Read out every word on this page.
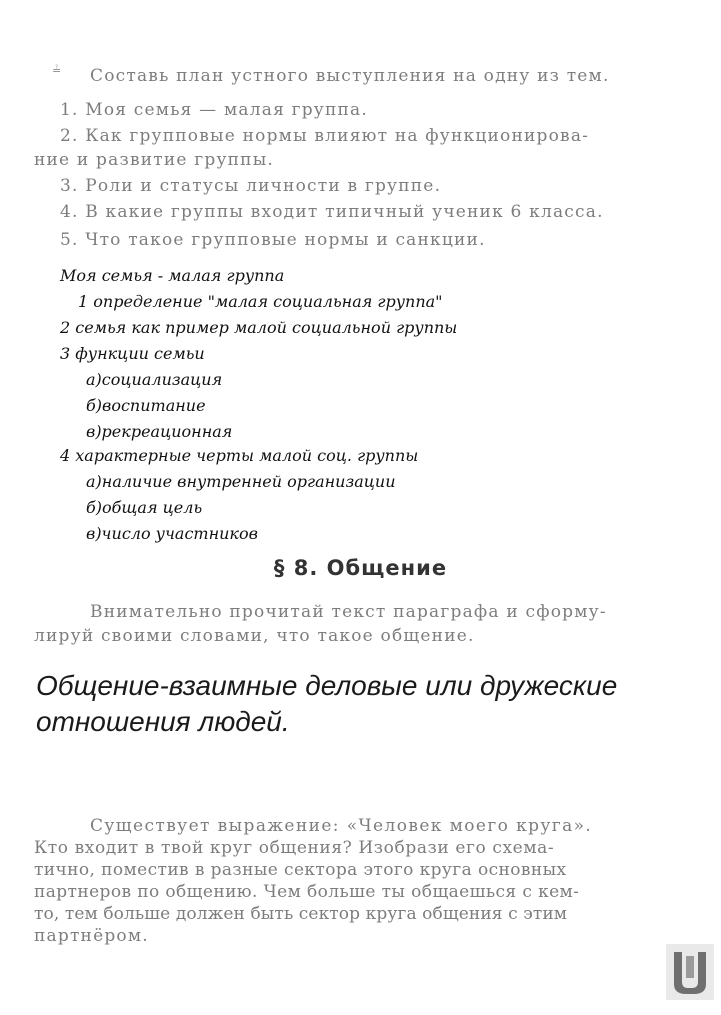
≟ Составь план устного выступления на одну из тем.
1. Моя семья — малая группа.
2. Как групповые нормы влияют на функционирова-
ние и развитие группы.
3. Роли и статусы личности в группе.
4. В какие группы входит типичный ученик 6 класса.
5. Что такое групповые нормы и санкции.
Моя семья - малая группа
1 определение "малая социальная группа"
2 семья как пример малой социальной группы
3 функции семьи
а)социализация
б)воспитание
в)рекреационная
4 характерные черты малой соц. группы
а)наличие внутренней организации
б)общая цель
в)число участников
§ 8. Общение
Внимательно прочитай текст параграфа и сформу-
лируй своими словами, что такое общение.
Общение-взаимные деловые или дружеские
отношения людей.
Существует выражение: «Человек моего круга».
Кто входит в твой круг общения? Изобрази его схема-
тично, поместив в разные сектора этого круга основных
партнеров по общению. Чем больше ты общаешься с кем-
то, тем больше должен быть сектор круга общения с этим
партнёром.
